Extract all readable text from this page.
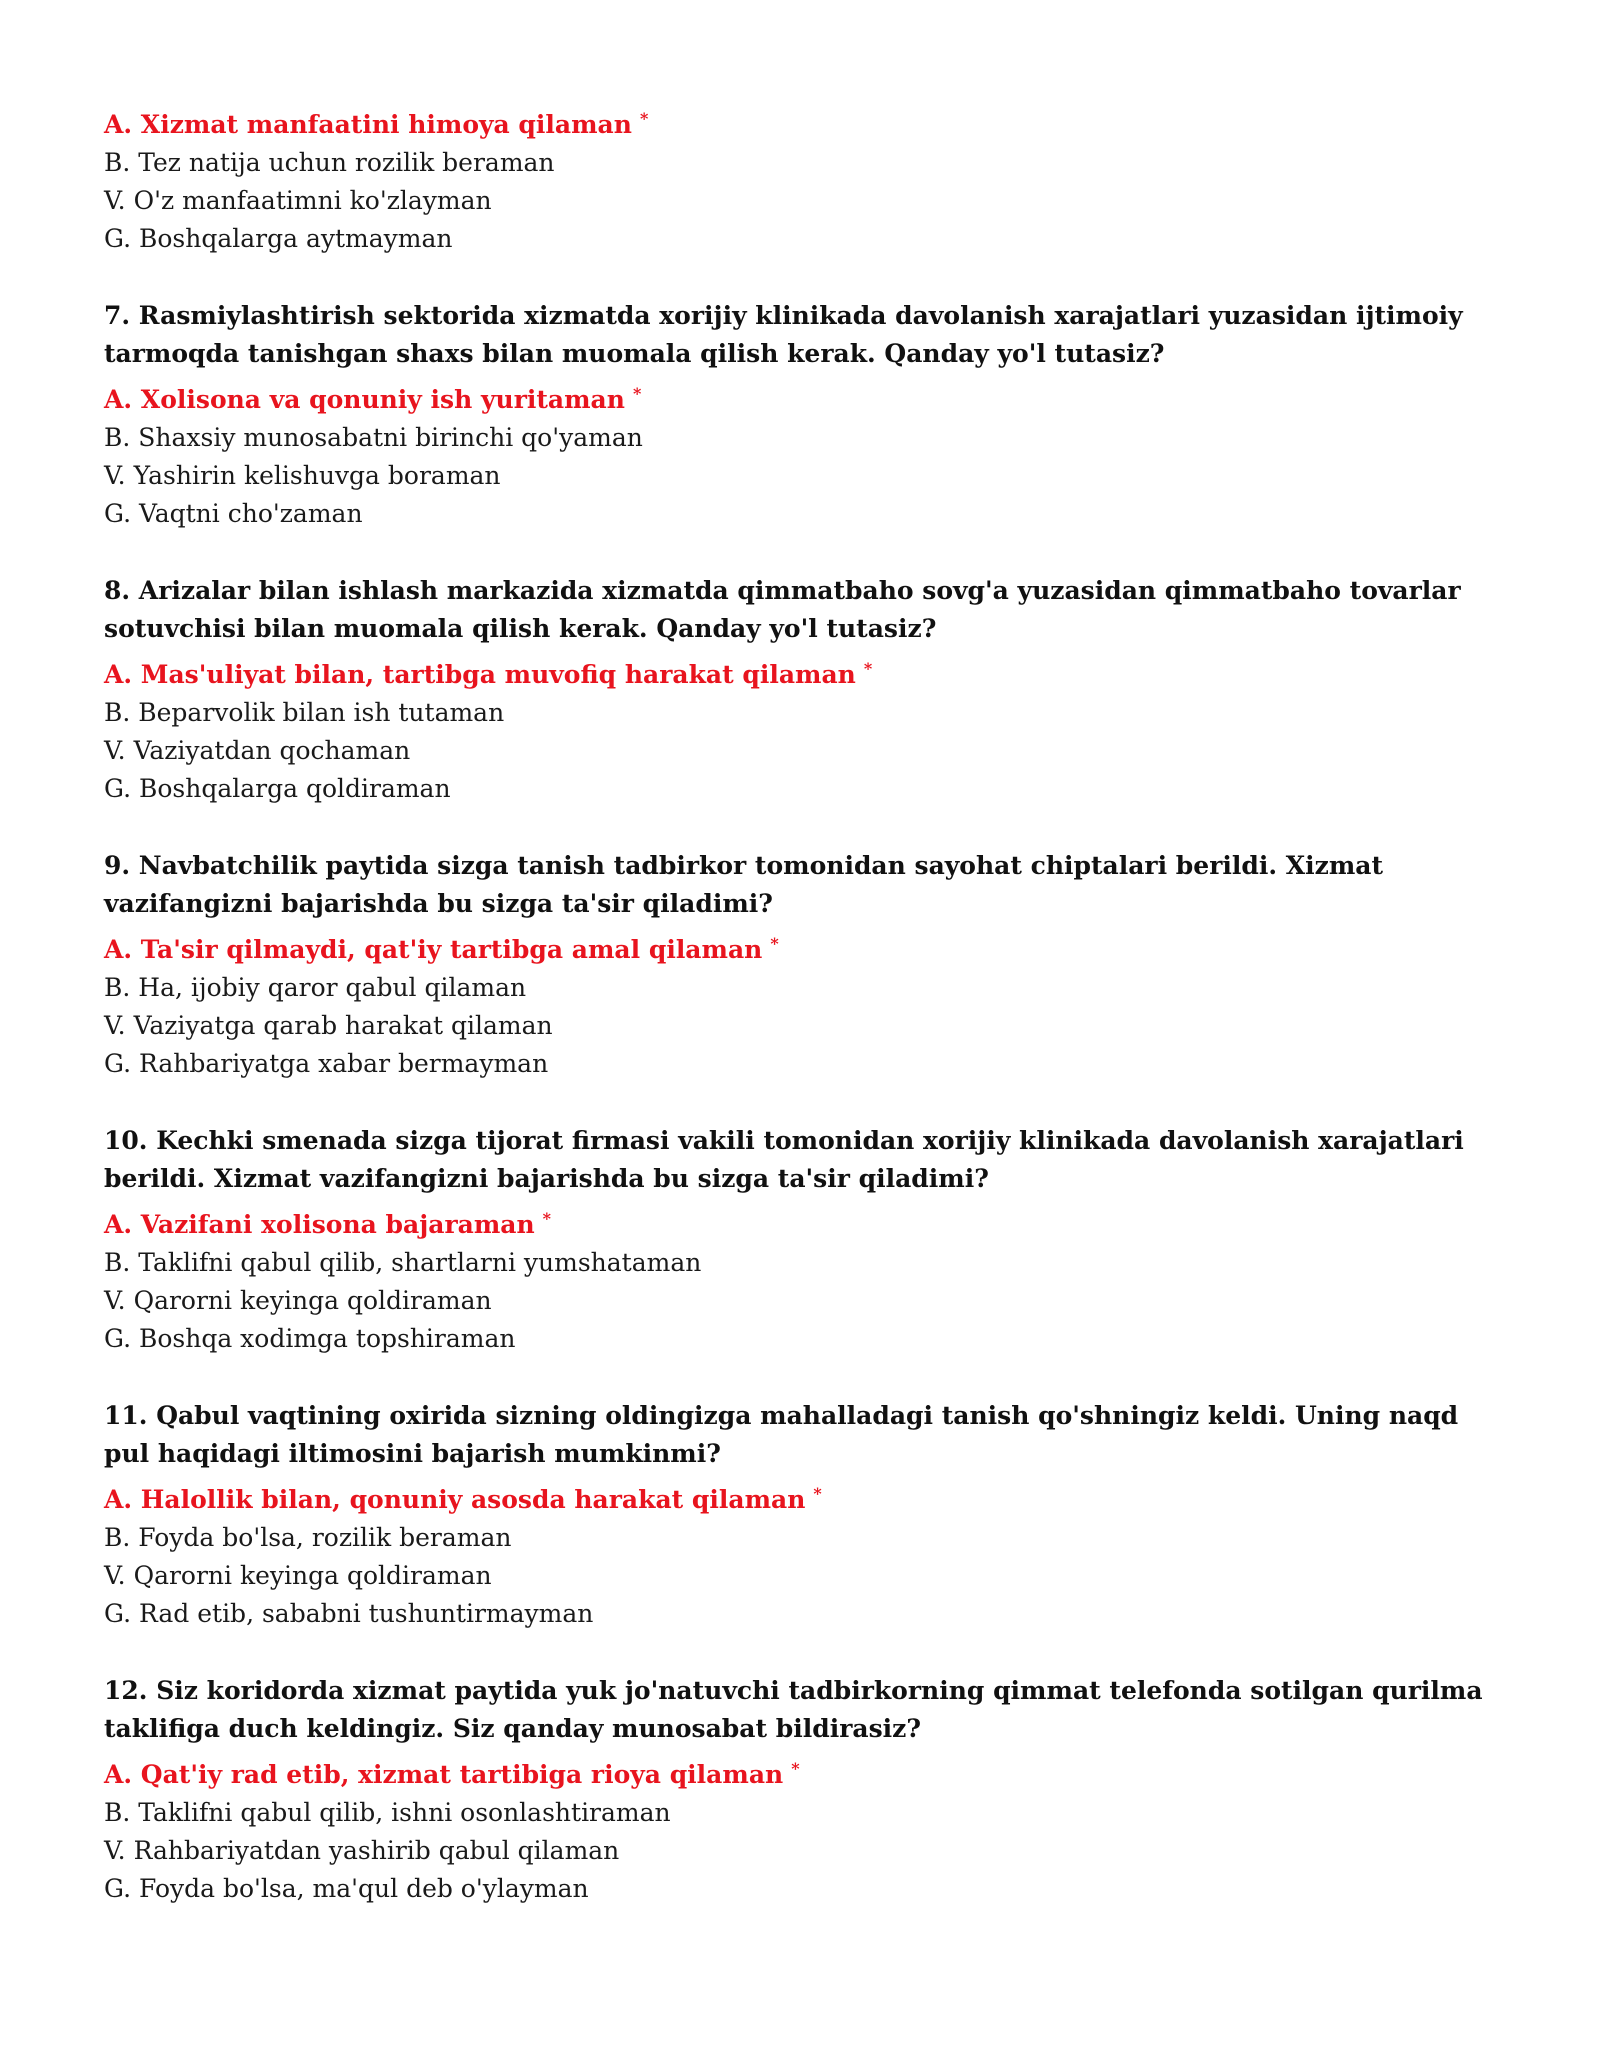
A. Xizmat manfaatini himoya qilaman *
B. Tez natija uchun rozilik beraman
V. O'z manfaatimni ko'zlayman
G. Boshqalarga aytmayman
7. Rasmiylashtirish sektorida xizmatda xorijiy klinikada davolanish xarajatlari yuzasidan ijtimoiy tarmoqda tanishgan shaxs bilan muomala qilish kerak. Qanday yo'l tutasiz?
A. Xolisona va qonuniy ish yuritaman *
B. Shaxsiy munosabatni birinchi qo'yaman
V. Yashirin kelishuvga boraman
G. Vaqtni cho'zaman
8. Arizalar bilan ishlash markazida xizmatda qimmatbaho sovg'a yuzasidan qimmatbaho tovarlar sotuvchisi bilan muomala qilish kerak. Qanday yo'l tutasiz?
A. Mas'uliyat bilan, tartibga muvofiq harakat qilaman *
B. Beparvolik bilan ish tutaman
V. Vaziyatdan qochaman
G. Boshqalarga qoldiraman
9. Navbatchilik paytida sizga tanish tadbirkor tomonidan sayohat chiptalari berildi. Xizmat vazifangizni bajarishda bu sizga ta'sir qiladimi?
A. Ta'sir qilmaydi, qat'iy tartibga amal qilaman *
B. Ha, ijobiy qaror qabul qilaman
V. Vaziyatga qarab harakat qilaman
G. Rahbariyatga xabar bermayman
10. Kechki smenada sizga tijorat firmasi vakili tomonidan xorijiy klinikada davolanish xarajatlari berildi. Xizmat vazifangizni bajarishda bu sizga ta'sir qiladimi?
A. Vazifani xolisona bajaraman *
B. Taklifni qabul qilib, shartlarni yumshataman
V. Qarorni keyinga qoldiraman
G. Boshqa xodimga topshiraman
11. Qabul vaqtining oxirida sizning oldingizga mahalladagi tanish qo'shningiz keldi. Uning naqd pul haqidagi iltimosini bajarish mumkinmi?
A. Halollik bilan, qonuniy asosda harakat qilaman *
B. Foyda bo'lsa, rozilik beraman
V. Qarorni keyinga qoldiraman
G. Rad etib, sababni tushuntirmayman
12. Siz koridorda xizmat paytida yuk jo'natuvchi tadbirkorning qimmat telefonda sotilgan qurilma taklifiga duch keldingiz. Siz qanday munosabat bildirasiz?
A. Qat'iy rad etib, xizmat tartibiga rioya qilaman *
B. Taklifni qabul qilib, ishni osonlashtiraman
V. Rahbariyatdan yashirib qabul qilaman
G. Foyda bo'lsa, ma'qul deb o'ylayman
